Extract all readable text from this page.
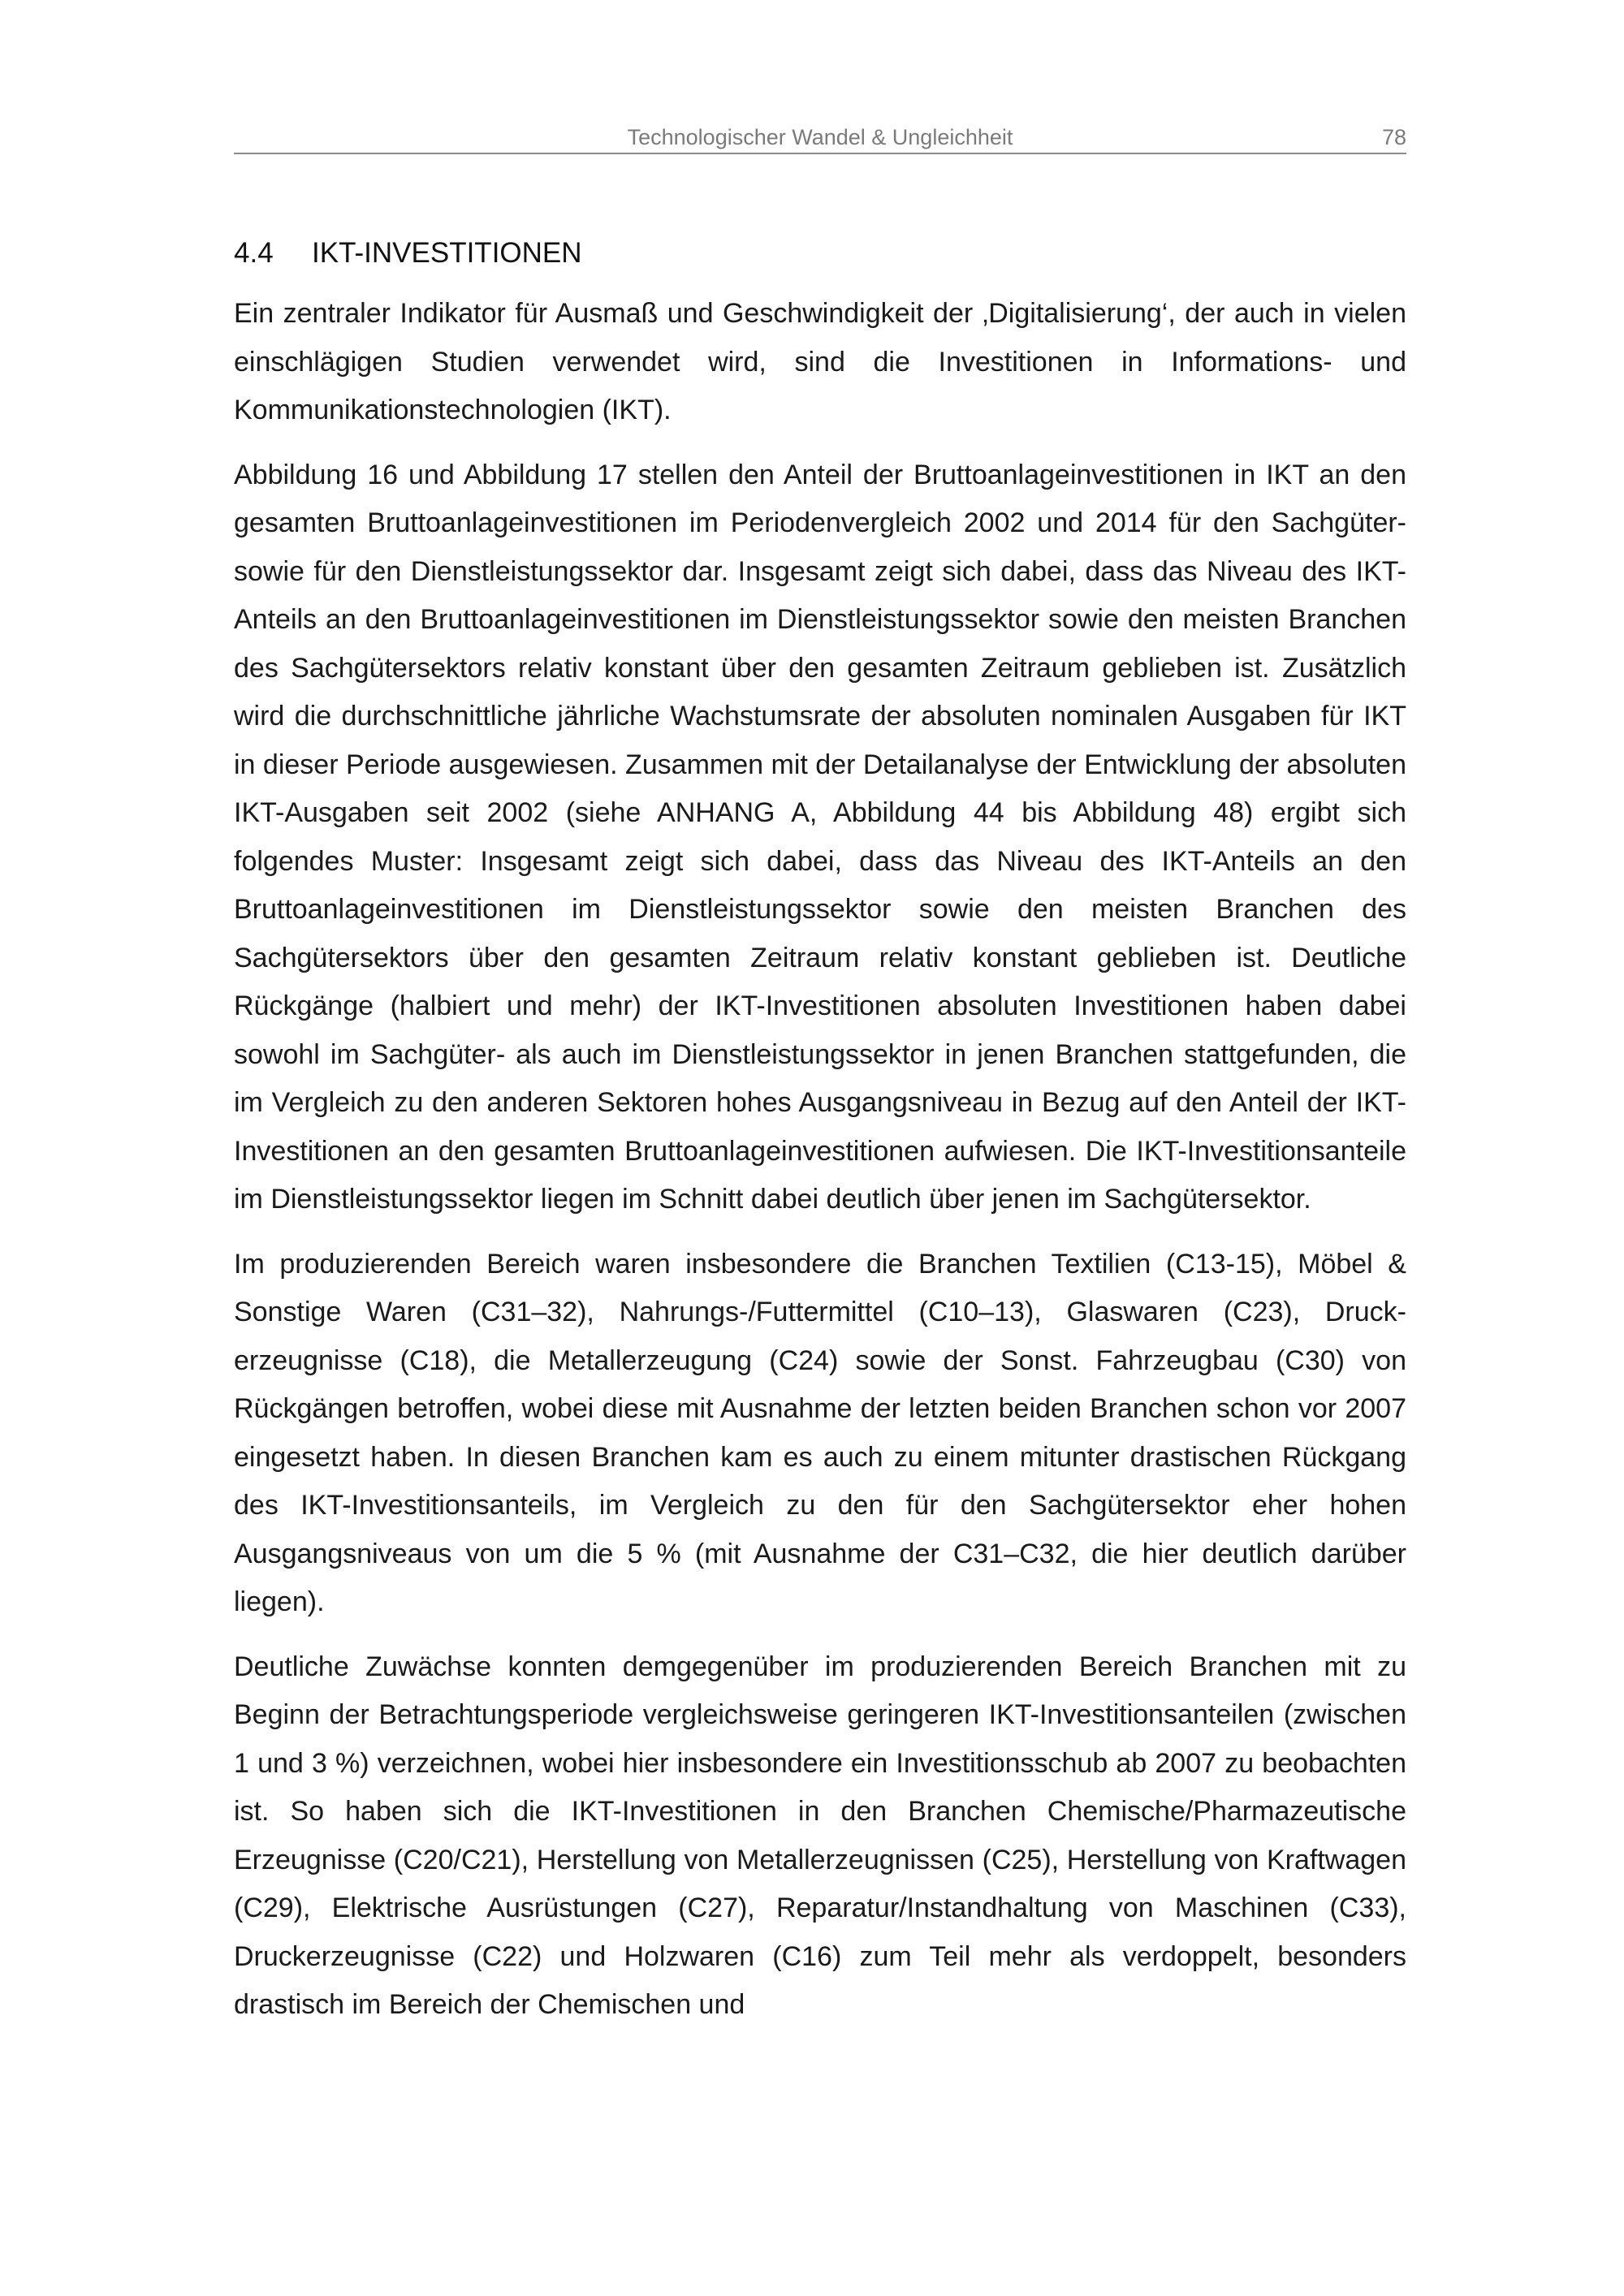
Technologischer Wandel & Ungleichheit	78
4.4 IKT-INVESTITIONEN

Ein zentraler Indikator für Ausmaß und Geschwindigkeit der ‚Digitalisierung‘, der auch in vielen einschlägigen Studien verwendet wird, sind die Investitionen in Informations- und Kommunikationstechnologien (IKT).

Abbildung 16 und Abbildung 17 stellen den Anteil der Bruttoanlageinvestitionen in IKT an den gesamten Bruttoanlageinvestitionen im Periodenvergleich 2002 und 2014 für den Sachgüter- sowie für den Dienstleistungssektor dar. Insgesamt zeigt sich dabei, dass das Niveau des IKT-Anteils an den Bruttoanlageinvestitionen im Dienstleistungssektor sowie den meisten Branchen des Sachgütersektors relativ konstant über den gesamten Zeitraum geblieben ist. Zusätzlich wird die durchschnittliche jährliche Wachstumsrate der absoluten nominalen Ausgaben für IKT in dieser Periode ausgewiesen. Zusammen mit der Detailanalyse der Entwicklung der absoluten IKT-Ausgaben seit 2002 (siehe ANHANG A, Abbildung 44 bis Abbildung 48) ergibt sich folgendes Muster: Insgesamt zeigt sich dabei, dass das Niveau des IKT-Anteils an den Bruttoanlageinvestitionen im Dienstleistungssektor sowie den meisten Branchen des Sachgütersektors über den gesamten Zeitraum relativ konstant geblieben ist. Deutliche Rückgänge (halbiert und mehr) der IKT-Investitionen absoluten Investitionen haben dabei sowohl im Sachgüter- als auch im Dienstleistungssektor in jenen Branchen stattgefunden, die im Vergleich zu den anderen Sektoren hohes Ausgangsniveau in Bezug auf den Anteil der IKT-Investitionen an den gesamten Bruttoanlageinvestitionen aufwiesen. Die IKT-Investitionsanteile im Dienstleistungssektor liegen im Schnitt dabei deutlich über jenen im Sachgütersektor.

Im produzierenden Bereich waren insbesondere die Branchen Textilien (C13-15), Möbel & Sonstige Waren (C31–32), Nahrungs-/Futtermittel (C10–13), Glaswaren (C23), Druckerzeugnisse (C18), die Metallerzeugung (C24) sowie der Sonst. Fahrzeugbau (C30) von Rückgängen betroffen, wobei diese mit Ausnahme der letzten beiden Branchen schon vor 2007 eingesetzt haben. In diesen Branchen kam es auch zu einem mitunter drastischen Rückgang des IKT-Investitionsanteils, im Vergleich zu den für den Sachgütersektor eher hohen Ausgangsniveaus von um die 5 % (mit Ausnahme der C31–C32, die hier deutlich darüber liegen).

Deutliche Zuwächse konnten demgegenüber im produzierenden Bereich Branchen mit zu Beginn der Betrachtungsperiode vergleichsweise geringeren IKT-Investitionsanteilen (zwischen 1 und 3 %) verzeichnen, wobei hier insbesondere ein Investitionsschub ab 2007 zu beobachten ist. So haben sich die IKT-Investitionen in den Branchen Chemische/Pharmazeutische Erzeugnisse (C20/C21), Herstellung von Metallerzeugnissen (C25), Herstellung von Kraftwagen (C29), Elektrische Ausrüstungen (C27), Reparatur/Instandhaltung von Maschinen (C33), Druckerzeugnisse (C22) und Holzwaren (C16) zum Teil mehr als verdoppelt, besonders drastisch im Bereich der Chemischen und
